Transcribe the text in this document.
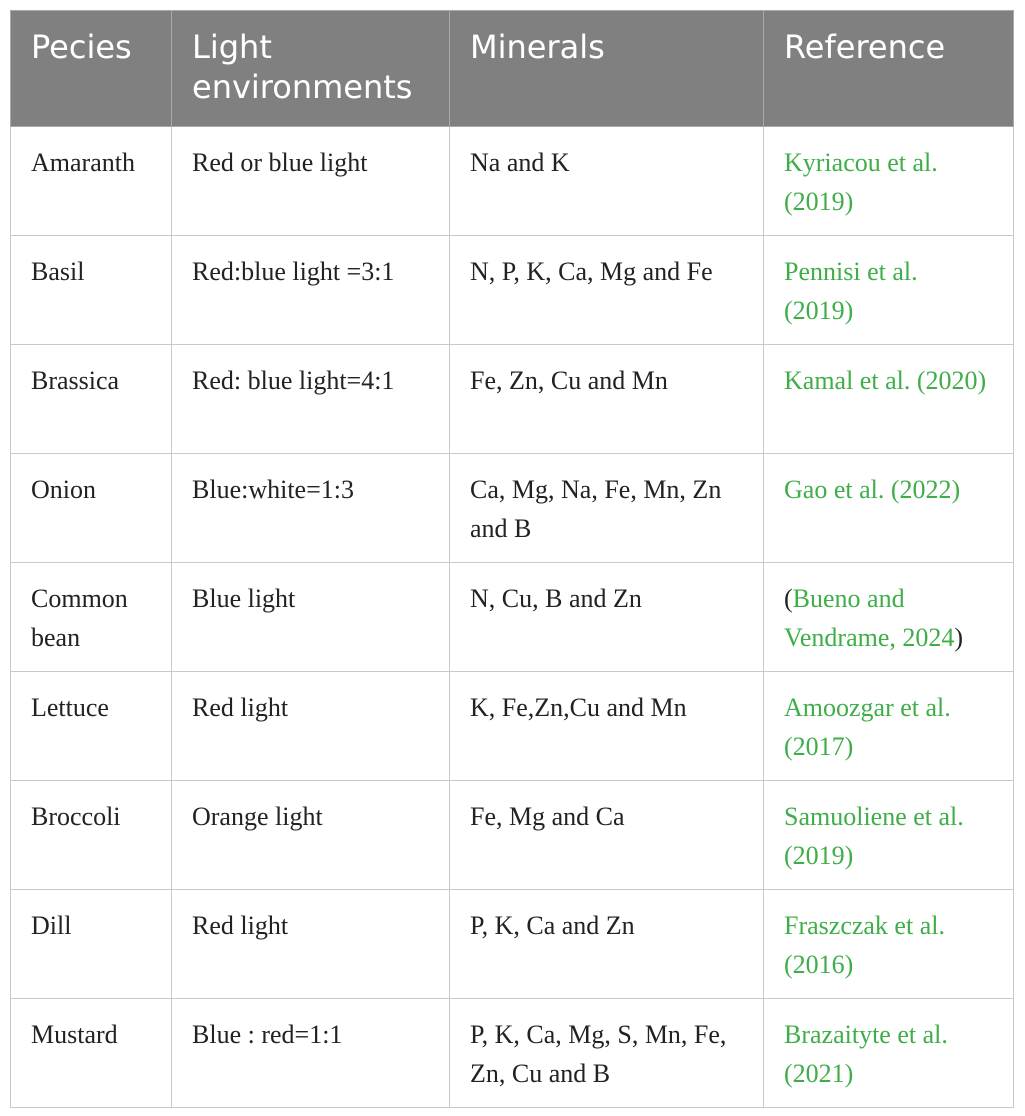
Pecies	Light environments	Minerals	Reference
Amaranth	Red or blue light	Na and K	Kyriacou et al. (2019)
Basil	Red:blue light =3:1	N, P, K, Ca, Mg and Fe	Pennisi et al. (2019)
Brassica	Red: blue light=4:1	Fe, Zn, Cu and Mn	Kamal et al. (2020)
Onion	Blue:white=1:3	Ca, Mg, Na, Fe, Mn, Zn and B	Gao et al. (2022)
Common bean	Blue light	N, Cu, B and Zn	(Bueno and Vendrame, 2024)
Lettuce	Red light	K, Fe,Zn,Cu and Mn	Amoozgar et al. (2017)
Broccoli	Orange light	Fe, Mg and Ca	Samuoliene et al. (2019)
Dill	Red light	P, K, Ca and Zn	Fraszczak et al. (2016)
Mustard	Blue : red=1:1	P, K, Ca, Mg, S, Mn, Fe, Zn, Cu and B	Brazaityte et al. (2021)
